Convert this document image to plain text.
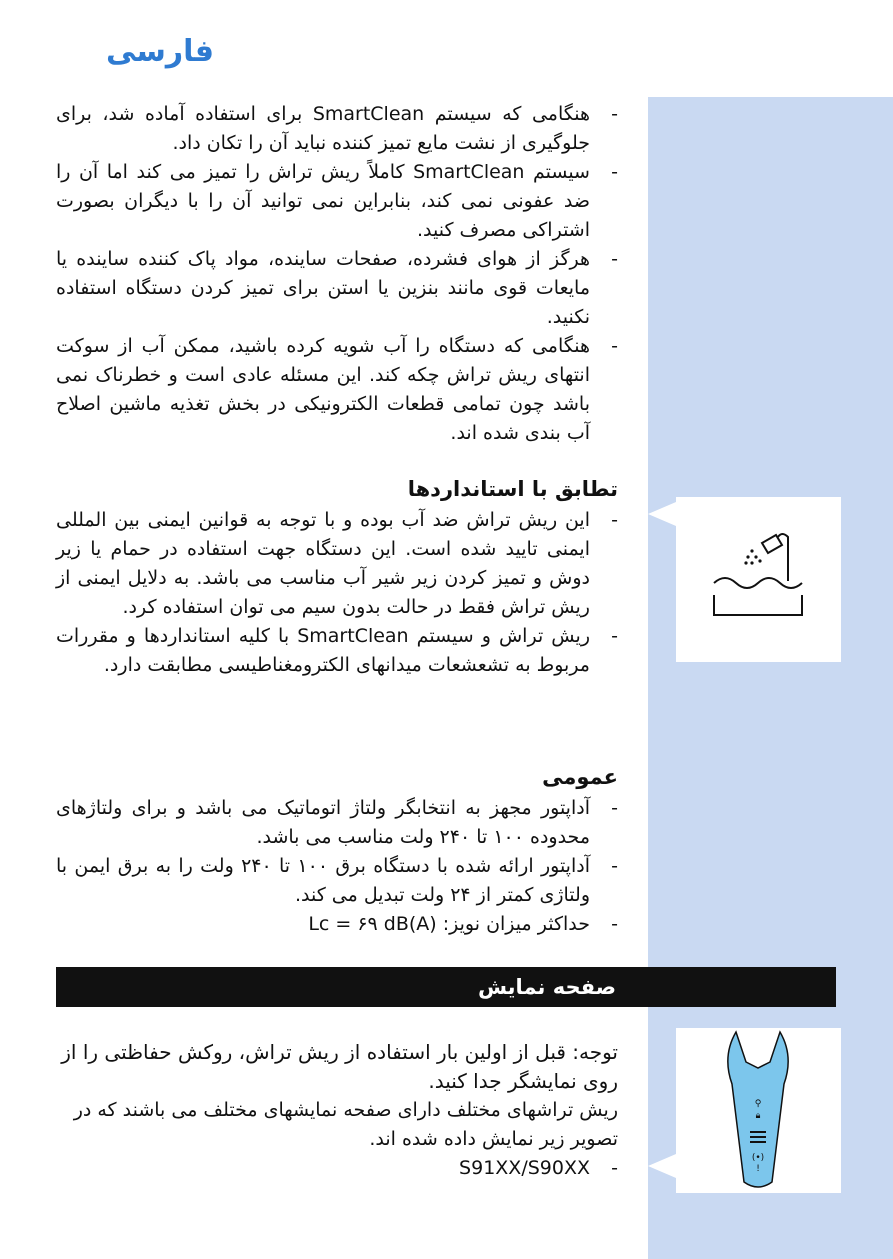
فارسی
- هنگامی که سیستم SmartClean برای استفاده آماده شد، برای جلوگیری از نشت مایع تمیز کننده نباید آن را تکان داد.
- سیستم SmartClean کاملاً ریش تراش را تمیز می کند اما آن را ضد عفونی نمی کند، بنابراین نمی توانید آن را با دیگران بصورت اشتراکی مصرف کنید.
- هرگز از هوای فشرده، صفحات ساینده، مواد پاک کننده ساینده یا مایعات قوی مانند بنزین یا استن برای تمیز کردن دستگاه استفاده نکنید.
- هنگامی که دستگاه را آب شویه کرده باشید، ممکن آب از سوکت انتهای ریش تراش چکه کند. این مسئله عادی است و خطرناک نمی باشد چون تمامی قطعات الکترونیکی در بخش تغذیه ماشین اصلاح آب بندی شده اند.
تطابق با استانداردها
- این ریش تراش ضد آب بوده و با توجه به قوانین ایمنی بین المللی ایمنی تایید شده است. این دستگاه جهت استفاده در حمام یا زیر دوش و تمیز کردن زیر شیر آب مناسب می باشد. به دلایل ایمنی از ریش تراش فقط در حالت بدون سیم می توان استفاده کرد.
- ریش تراش و سیستم SmartClean با کلیه استانداردها و مقررات مربوط به تشعشعات میدانهای الکترومغناطیسی مطابقت دارد.
عمومی
- آداپتور مجهز به انتخابگر ولتاژ اتوماتیک می باشد و برای ولتاژهای محدوده ۱۰۰ تا ۲۴۰ ولت مناسب می باشد.
- آداپتور ارائه شده با دستگاه برق ۱۰۰ تا ۲۴۰ ولت را به برق ایمن با ولتاژی کمتر از ۲۴ ولت تبدیل می کند.
- حداکثر میزان نویز: Lc = ۶۹ dB(A)
صفحه نمایش
توجه: قبل از اولین بار استفاده از ریش تراش، روکش حفاظتی را از روی نمایشگر جدا کنید.
ریش تراشهای مختلف دارای صفحه نمایشهای مختلف می باشند که در تصویر زیر نمایش داده شده اند.
- S91XX/S90XX
⚲
🔒︎
(•)
!
